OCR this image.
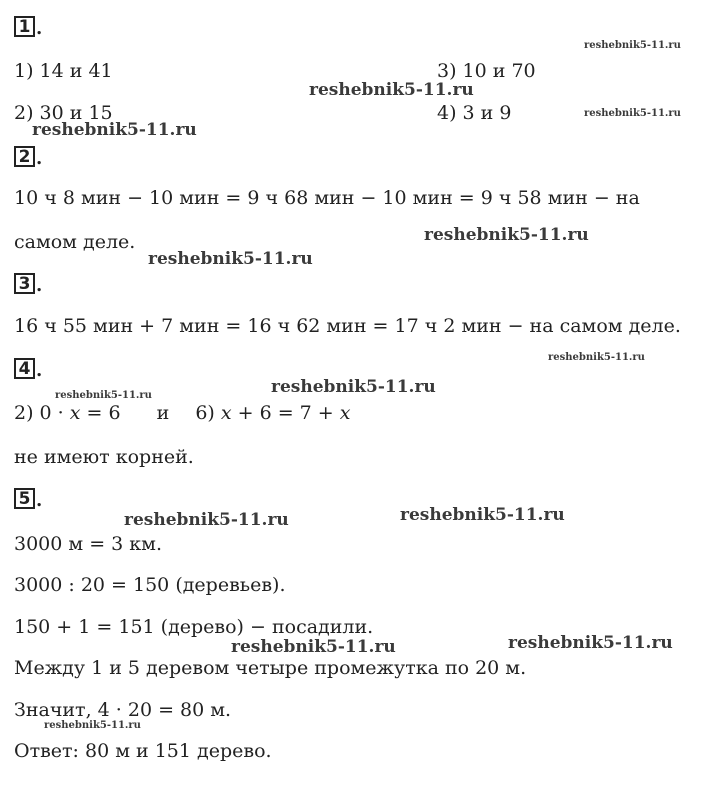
1 .
1) 14 и 41	3) 10 и 70
2) 30 и 15	4) 3 и 9
2 .
10 ч 8 мин − 10 мин = 9 ч 68 мин − 10 мин = 9 ч 58 мин − на
самом деле.
3 .
16 ч 55 мин + 7 мин = 16 ч 62 мин = 17 ч 2 мин − на самом деле.
4 .
2) 0 · x = 6 и 6) x + 6 = 7 + x
не имеют корней.
5 .
3000 м = 3 км.
3000 : 20 = 150 (деревьев).
150 + 1 = 151 (дерево) − посадили.
Между 1 и 5 деревом четыре промежутка по 20 м.
Значит, 4 · 20 = 80 м.
Ответ: 80 м и 151 дерево.
reshebnik5-11.ru
reshebnik5-11.ru
reshebnik5-11.ru
reshebnik5-11.ru
reshebnik5-11.ru
reshebnik5-11.ru
reshebnik5-11.ru
reshebnik5-11.ru
reshebnik5-11.ru
reshebnik5-11.ru
reshebnik5-11.ru
reshebnik5-11.ru
reshebnik5-11.ru
reshebnik5-11.ru
